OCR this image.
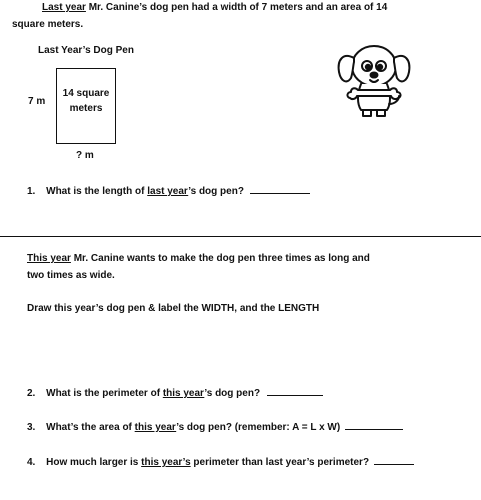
Last year Mr. Canine’s dog pen had a width of 7 meters and an area of 14
square meters.
Last Year’s Dog Pen
7 m
14 square meters
? m
1. What is the length of last year’s dog pen?
This year Mr. Canine wants to make the dog pen three times as long and
two times as wide.
Draw this year’s dog pen & label the WIDTH, and the LENGTH
2. What is the perimeter of this year’s dog pen?
3. What’s the area of this year’s dog pen? (remember: A = L x W)
4. How much larger is this year’s perimeter than last year’s perimeter?
